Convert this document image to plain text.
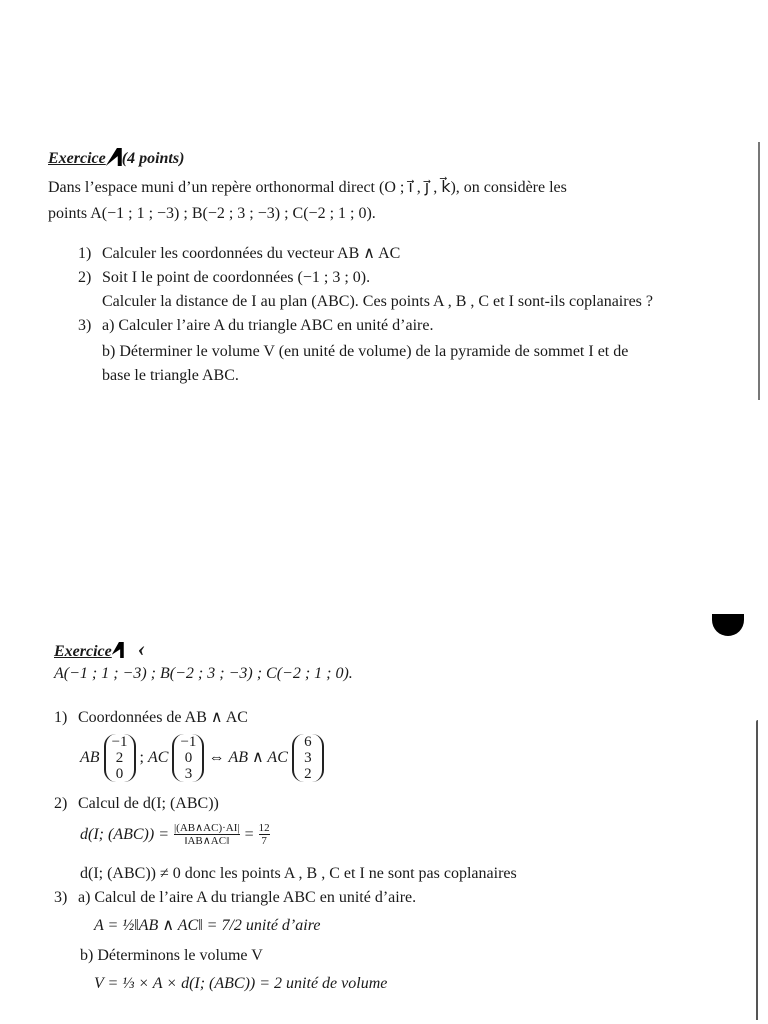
Exercice (4 points)
Dans l’espace muni d’un repère orthonormal direct (O ; i⃗ , j⃗ , k⃗), on considère les
points A(−1 ; 1 ; −3) ; B(−2 ; 3 ; −3) ; C(−2 ; 1 ; 0).
1) Calculer les coordonnées du vecteur AB ∧ AC
2) Soit I le point de coordonnées (−1 ; 3 ; 0).
Calculer la distance de I au plan (ABC). Ces points A , B , C et I sont-ils coplanaires ?
3) a) Calculer l’aire A du triangle ABC en unité d’aire.
b) Déterminer le volume V (en unité de volume) de la pyramide de sommet I et de
base le triangle ABC.
Exercice ‹
A(−1 ; 1 ; −3) ; B(−2 ; 3 ; −3) ; C(−2 ; 1 ; 0).
1) Coordonnées de AB ∧ AC
AB
−1
2
0
; AC
−1
0
3
⇔ AB ∧ AC
6
3
2
2) Calcul de d(I; (ABC))
d(I; $(ABC)) = \frac{|(AB\wedge AC)\cdot AI|}{‖AB\wedge AC‖} = \frac{12}{7}$
d(I; (ABC)) ≠ 0 donc les points A , B , C et I ne sont pas coplanaires
3) a) Calcul de l’aire A du triangle ABC en unité d’aire.
A = ½‖AB ∧ AC‖ = 7/2 unité d’aire
b) Déterminons le volume V
V = ⅓ × A × d(I; (ABC)) = 2 unité de volume
